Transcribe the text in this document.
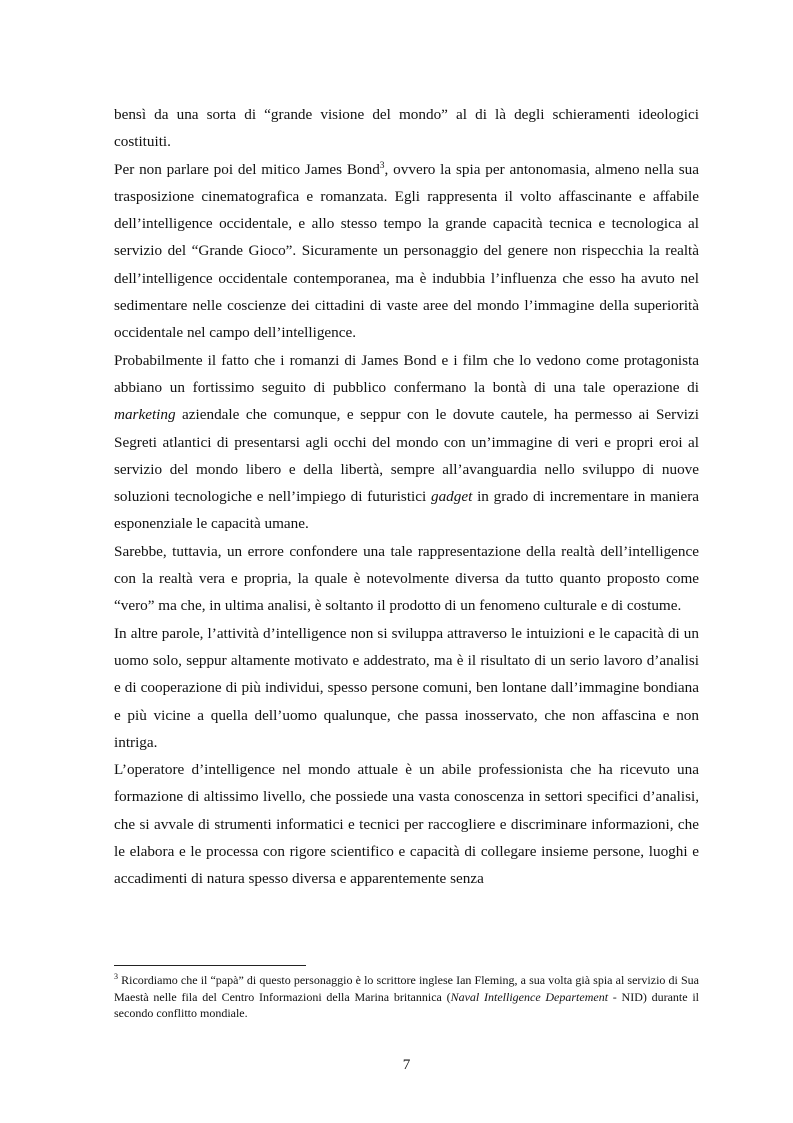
bensì da una sorta di “grande visione del mondo” al di là degli schieramenti ideologici costituiti.

Per non parlare poi del mitico James Bond$^3$, ovvero la spia per antonomasia, almeno nella sua trasposizione cinematografica e romanzata. Egli rappresenta il volto affascinante e affabile dell’intelligence occidentale, e allo stesso tempo la grande capacità tecnica e tecnologica al servizio del “Grande Gioco”. Sicuramente un personaggio del genere non rispecchia la realtà dell’intelligence occidentale contemporanea, ma è indubbia l’influenza che esso ha avuto nel sedimentare nelle coscienze dei cittadini di vaste aree del mondo l’immagine della superiorità occidentale nel campo dell’intelligence.

Probabilmente il fatto che i romanzi di James Bond e i film che lo vedono come protagonista abbiano un fortissimo seguito di pubblico confermano la bontà di una tale operazione di marketing aziendale che comunque, e seppur con le dovute cautele, ha permesso ai Servizi Segreti atlantici di presentarsi agli occhi del mondo con un’immagine di veri e propri eroi al servizio del mondo libero e della libertà, sempre all’avanguardia nello sviluppo di nuove soluzioni tecnologiche e nell’impiego di futuristici gadget in grado di incrementare in maniera esponenziale le capacità umane.

Sarebbe, tuttavia, un errore confondere una tale rappresentazione della realtà dell’intelligence con la realtà vera e propria, la quale è notevolmente diversa da tutto quanto proposto come “vero” ma che, in ultima analisi, è soltanto il prodotto di un fenomeno culturale e di costume.

In altre parole, l’attività d’intelligence non si sviluppa attraverso le intuizioni e le capacità di un uomo solo, seppur altamente motivato e addestrato, ma è il risultato di un serio lavoro d’analisi e di cooperazione di più individui, spesso persone comuni, ben lontane dall’immagine bondiana e più vicine a quella dell’uomo qualunque, che passa inosservato, che non affascina e non intriga.

L’operatore d’intelligence nel mondo attuale è un abile professionista che ha ricevuto una formazione di altissimo livello, che possiede una vasta conoscenza in settori specifici d’analisi, che si avvale di strumenti informatici e tecnici per raccogliere e discriminare informazioni, che le elabora e le processa con rigore scientifico e capacità di collegare insieme persone, luoghi e accadimenti di natura spesso diversa e apparentemente senza

$^3$ Ricordiamo che il “papà” di questo personaggio è lo scrittore inglese Ian Fleming, a sua volta già spia al servizio di Sua Maestà nelle fila del Centro Informazioni della Marina britannica (Naval Intelligence Departement - NID) durante il secondo conflitto mondiale.
7
